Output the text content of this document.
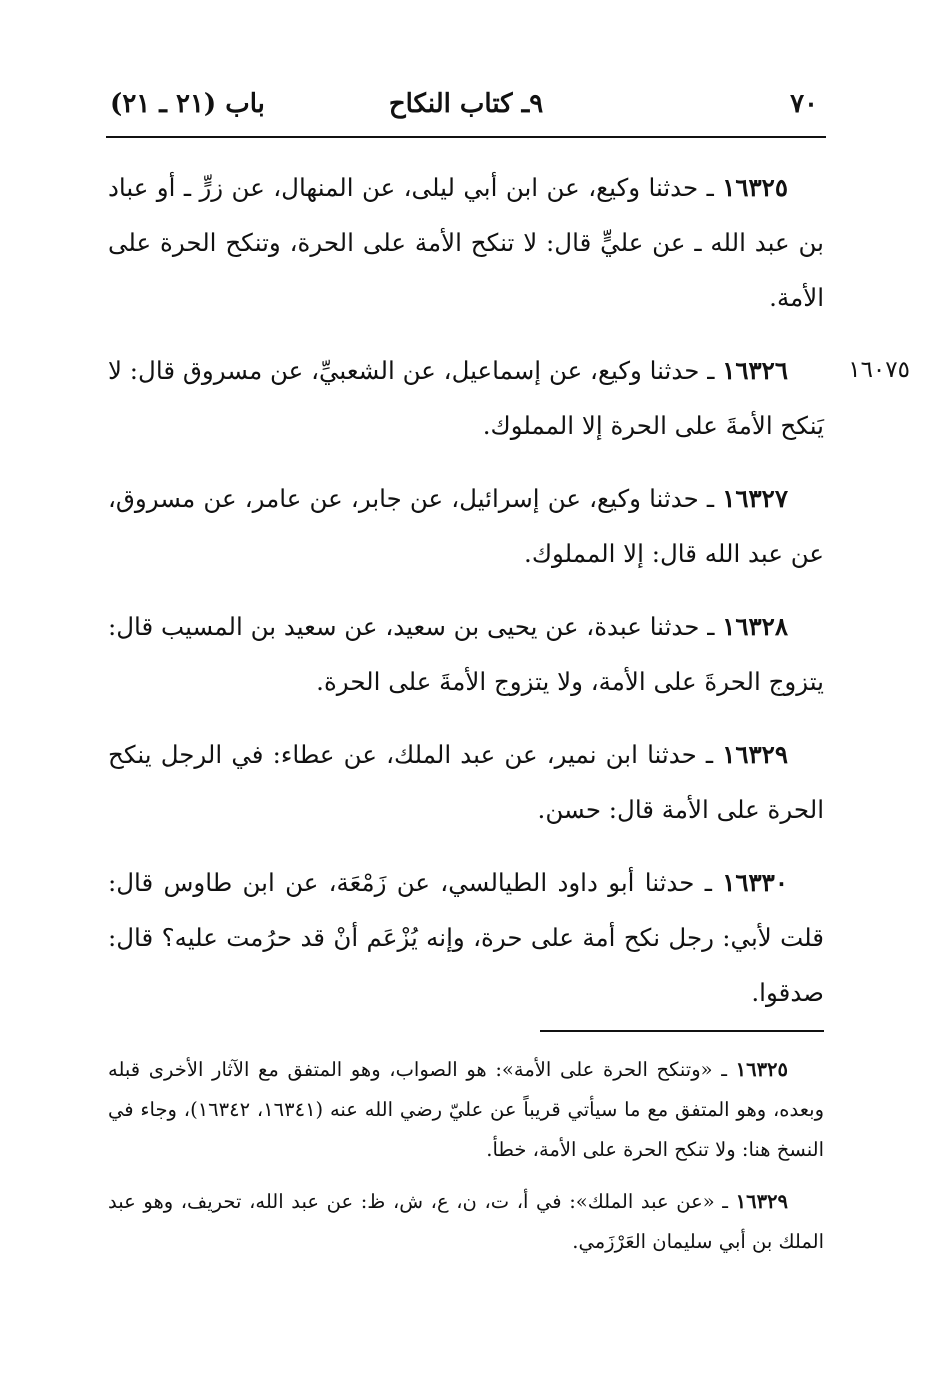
٧٠
٩ـ كتاب النكاح
باب (٢١ ـ ٢١)

١٦٣٢٥ ـ حدثنا وكيع، عن ابن أبي ليلى، عن المنهال، عن زرٍّ ـ أو عباد بن عبد الله ـ عن عليٍّ قال: لا تنكح الأمة على الحرة، وتنكح الحرة على الأمة.

١٦٠٧٥
١٦٣٢٦ ـ حدثنا وكيع، عن إسماعيل، عن الشعبيِّ، عن مسروق قال: لا يَنكح الأمةَ على الحرة إلا المملوك.

١٦٣٢٧ ـ حدثنا وكيع، عن إسرائيل، عن جابر، عن عامر، عن مسروق، عن عبد الله قال: إلا المملوك.

١٦٣٢٨ ـ حدثنا عبدة، عن يحيى بن سعيد، عن سعيد بن المسيب قال: يتزوج الحرةَ على الأمة، ولا يتزوج الأمةَ على الحرة.

١٦٣٢٩ ـ حدثنا ابن نمير، عن عبد الملك، عن عطاء: في الرجل ينكح الحرة على الأمة قال: حسن.

١٦٣٣٠ ـ حدثنا أبو داود الطيالسي، عن زَمْعَة، عن ابن طاوس قال: قلت لأبي: رجل نكح أمة على حرة، وإنه يُزْعَم أنْ قد حرُمت عليه؟ قال: صدقوا.

١٦٣٢٥ ـ «وتنكح الحرة على الأمة»: هو الصواب، وهو المتفق مع الآثار الأخرى قبله وبعده، وهو المتفق مع ما سيأتي قريباً عن عليّ رضي الله عنه (١٦٣٤١، ١٦٣٤٢)، وجاء في النسخ هنا: ولا تنكح الحرة على الأمة، خطأ.

١٦٣٢٩ ـ «عن عبد الملك»: في أ، ت، ن، ع، ش، ظ: عن عبد الله، تحريف، وهو عبد الملك بن أبي سليمان العَرْزَمي.
